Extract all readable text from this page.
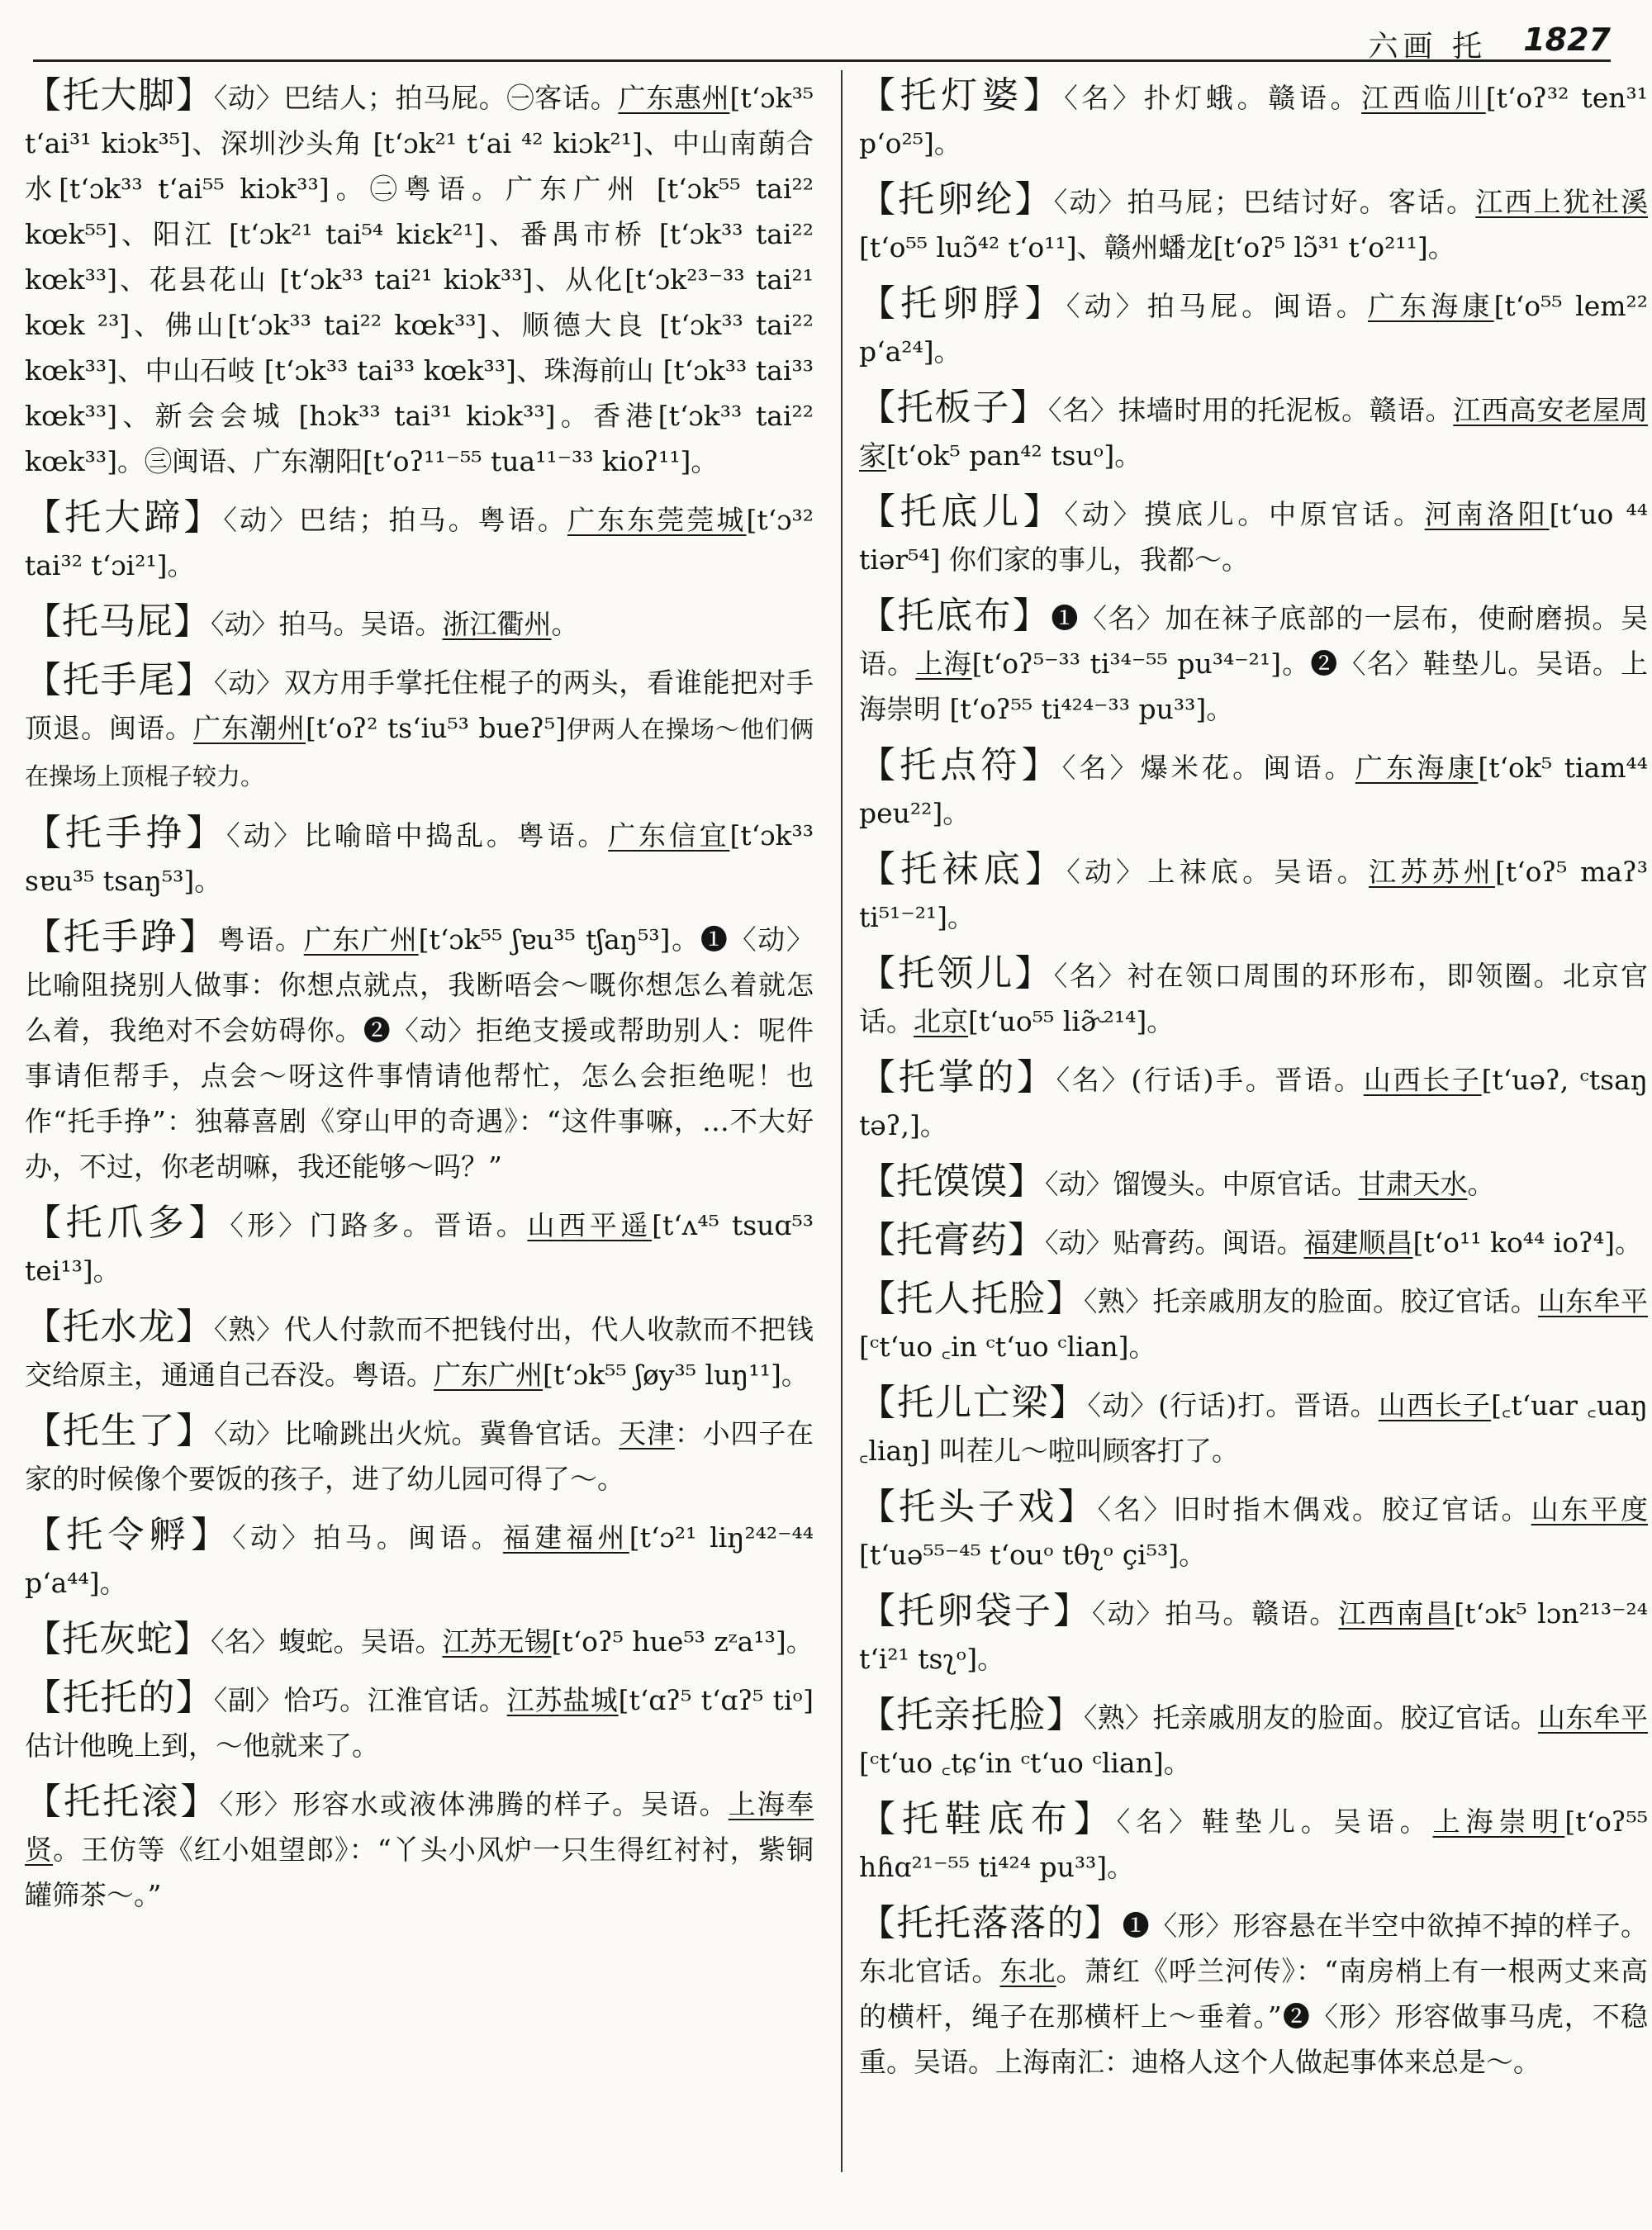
六画 托 1827
【托大脚】〈动〉巴结人；拍马屁。㊀客话。广东惠州[tʻɔk³⁵ tʻai³¹ kiɔk³⁵]、深圳沙头角 [tʻɔk²¹ tʻai ⁴² kiɔk²¹]、中山南蓢合水[tʻɔk³³ tʻai⁵⁵ kiɔk³³]。㊁粤语。广东广州 [tʻɔk⁵⁵ tai²² kœk⁵⁵]、阳江 [tʻɔk²¹ tai⁵⁴ kiɛk²¹]、番禺市桥 [tʻɔk³³ tai²² kœk³³]、花县花山 [tʻɔk³³ tai²¹ kiɔk³³]、从化[tʻɔk²³⁻³³ tai²¹ kœk ²³]、佛山[tʻɔk³³ tai²² kœk³³]、顺德大良 [tʻɔk³³ tai²² kœk³³]、中山石岐 [tʻɔk³³ tai³³ kœk³³]、珠海前山 [tʻɔk³³ tai³³ kœk³³]、新会会城 [hɔk³³ tai³¹ kiɔk³³]。香港[tʻɔk³³ tai²² kœk³³]。㊂闽语、广东潮阳[tʻoʔ¹¹⁻⁵⁵ tua¹¹⁻³³ kioʔ¹¹]。
【托大蹄】〈动〉巴结；拍马。粤语。广东东莞莞城[tʻɔ³² tai³² tʻɔi²¹]。
【托马屁】〈动〉拍马。吴语。浙江衢州。
【托手尾】〈动〉双方用手掌托住棍子的两头，看谁能把对手顶退。闽语。广东潮州[tʻoʔ² tsʻiu⁵³ bueʔ⁵]伊两人在操场～他们俩在操场上顶棍子较力。
【托手挣】〈动〉比喻暗中捣乱。粤语。广东信宜[tʻɔk³³ sɐu³⁵ tsaŋ⁵³]。
【托手踭】粤语。广东广州[tʻɔk⁵⁵ ʃɐu³⁵ tʃaŋ⁵³]。❶〈动〉比喻阻挠别人做事：你想点就点，我断唔会～嘅你想怎么着就怎么着，我绝对不会妨碍你。❷〈动〉拒绝支援或帮助别人：呢件事请佢帮手，点会～呀这件事情请他帮忙，怎么会拒绝呢！也作“托手挣”：独幕喜剧《穿山甲的奇遇》：“这件事嘛，…不大好办，不过，你老胡嘛，我还能够～吗？”
【托爪多】〈形〉门路多。晋语。山西平遥[tʻʌ⁴⁵ tsuɑ⁵³ tei¹³]。
【托水龙】〈熟〉代人付款而不把钱付出，代人收款而不把钱交给原主，通通自己吞没。粤语。广东广州[tʻɔk⁵⁵ ʃøy³⁵ luŋ¹¹]。
【托生了】〈动〉比喻跳出火炕。冀鲁官话。天津：小四子在家的时候像个要饭的孩子，进了幼儿园可得了～。
【托令孵】〈动〉拍马。闽语。福建福州[tʻɔ²¹ liŋ²⁴²⁻⁴⁴ pʻa⁴⁴]。
【托灰蛇】〈名〉蝮蛇。吴语。江苏无锡[tʻoʔ⁵ hue⁵³ zᶻa¹³]。
【托托的】〈副〉恰巧。江淮官话。江苏盐城[tʻɑʔ⁵ tʻɑʔ⁵ tiᵒ]估计他晚上到，～他就来了。
【托托滚】〈形〉形容水或液体沸腾的样子。吴语。上海奉贤。王仿等《红小姐望郎》：“丫头小风炉一只生得红衬衬，紫铜罐筛茶～。”
【托灯婆】〈名〉扑灯蛾。赣语。江西临川[tʻoʔ³² ten³¹ pʻo²⁵]。
【托卵纶】〈动〉拍马屁；巴结讨好。客话。江西上犹社溪[tʻo⁵⁵ luɔ̃⁴² tʻo¹¹]、赣州蟠龙[tʻoʔ⁵ lɔ̃³¹ tʻo²¹¹]。
【托卵脬】〈动〉拍马屁。闽语。广东海康[tʻo⁵⁵ lem²² pʻa²⁴]。
【托板子】〈名〉抹墙时用的托泥板。赣语。江西高安老屋周家[tʻok⁵ pan⁴² tsuᵒ]。
【托底儿】〈动〉摸底儿。中原官话。河南洛阳[tʻuo ⁴⁴ tiər⁵⁴] 你们家的事儿，我都～。
【托底布】❶〈名〉加在袜子底部的一层布，使耐磨损。吴语。上海[tʻoʔ⁵⁻³³ ti³⁴⁻⁵⁵ pu³⁴⁻²¹]。❷〈名〉鞋垫儿。吴语。上海崇明 [tʻoʔ⁵⁵ ti⁴²⁴⁻³³ pu³³]。
【托点符】〈名〉爆米花。闽语。广东海康[tʻok⁵ tiam⁴⁴ peu²²]。
【托袜底】〈动〉上袜底。吴语。江苏苏州[tʻoʔ⁵ maʔ³ ti⁵¹⁻²¹]。
【托领儿】〈名〉衬在领口周围的环形布，即领圈。北京官话。北京[tʻuo⁵⁵ liɚ̃²¹⁴]。
【托掌的】〈名〉(行话)手。晋语。山西长子[tʻuəʔ, ᶜtsaŋ təʔ,]。
【托馍馍】〈动〉馏馒头。中原官话。甘肃天水。
【托膏药】〈动〉贴膏药。闽语。福建顺昌[tʻo¹¹ ko⁴⁴ ioʔ⁴]。
【托人托脸】〈熟〉托亲戚朋友的脸面。胶辽官话。山东牟平[ᶜtʻuo ꜀in ᶜtʻuo ᶜlian]。
【托儿亡梁】〈动〉(行话)打。晋语。山西长子[꜀tʻuar ꜀uaŋ ꜀liaŋ] 叫茬儿～啦叫顾客打了。
【托头子戏】〈名〉旧时指木偶戏。胶辽官话。山东平度[tʻuə⁵⁵⁻⁴⁵ tʻouᵒ tθʅᵒ çi⁵³]。
【托卵袋子】〈动〉拍马。赣语。江西南昌[tʻɔk⁵ lɔn²¹³⁻²⁴ tʻi²¹ tsʅᵒ]。
【托亲托脸】〈熟〉托亲戚朋友的脸面。胶辽官话。山东牟平[ᶜtʻuo ꜀tɕʻin ᶜtʻuo ᶜlian]。
【托鞋底布】〈名〉鞋垫儿。吴语。上海崇明[tʻoʔ⁵⁵ hɦɑ²¹⁻⁵⁵ ti⁴²⁴ pu³³]。
【托托落落的】❶〈形〉形容悬在半空中欲掉不掉的样子。东北官话。东北。萧红《呼兰河传》：“南房梢上有一根两丈来高的横杆，绳子在那横杆上～垂着。”❷〈形〉形容做事马虎，不稳重。吴语。上海南汇：迪格人这个人做起事体来总是～。
